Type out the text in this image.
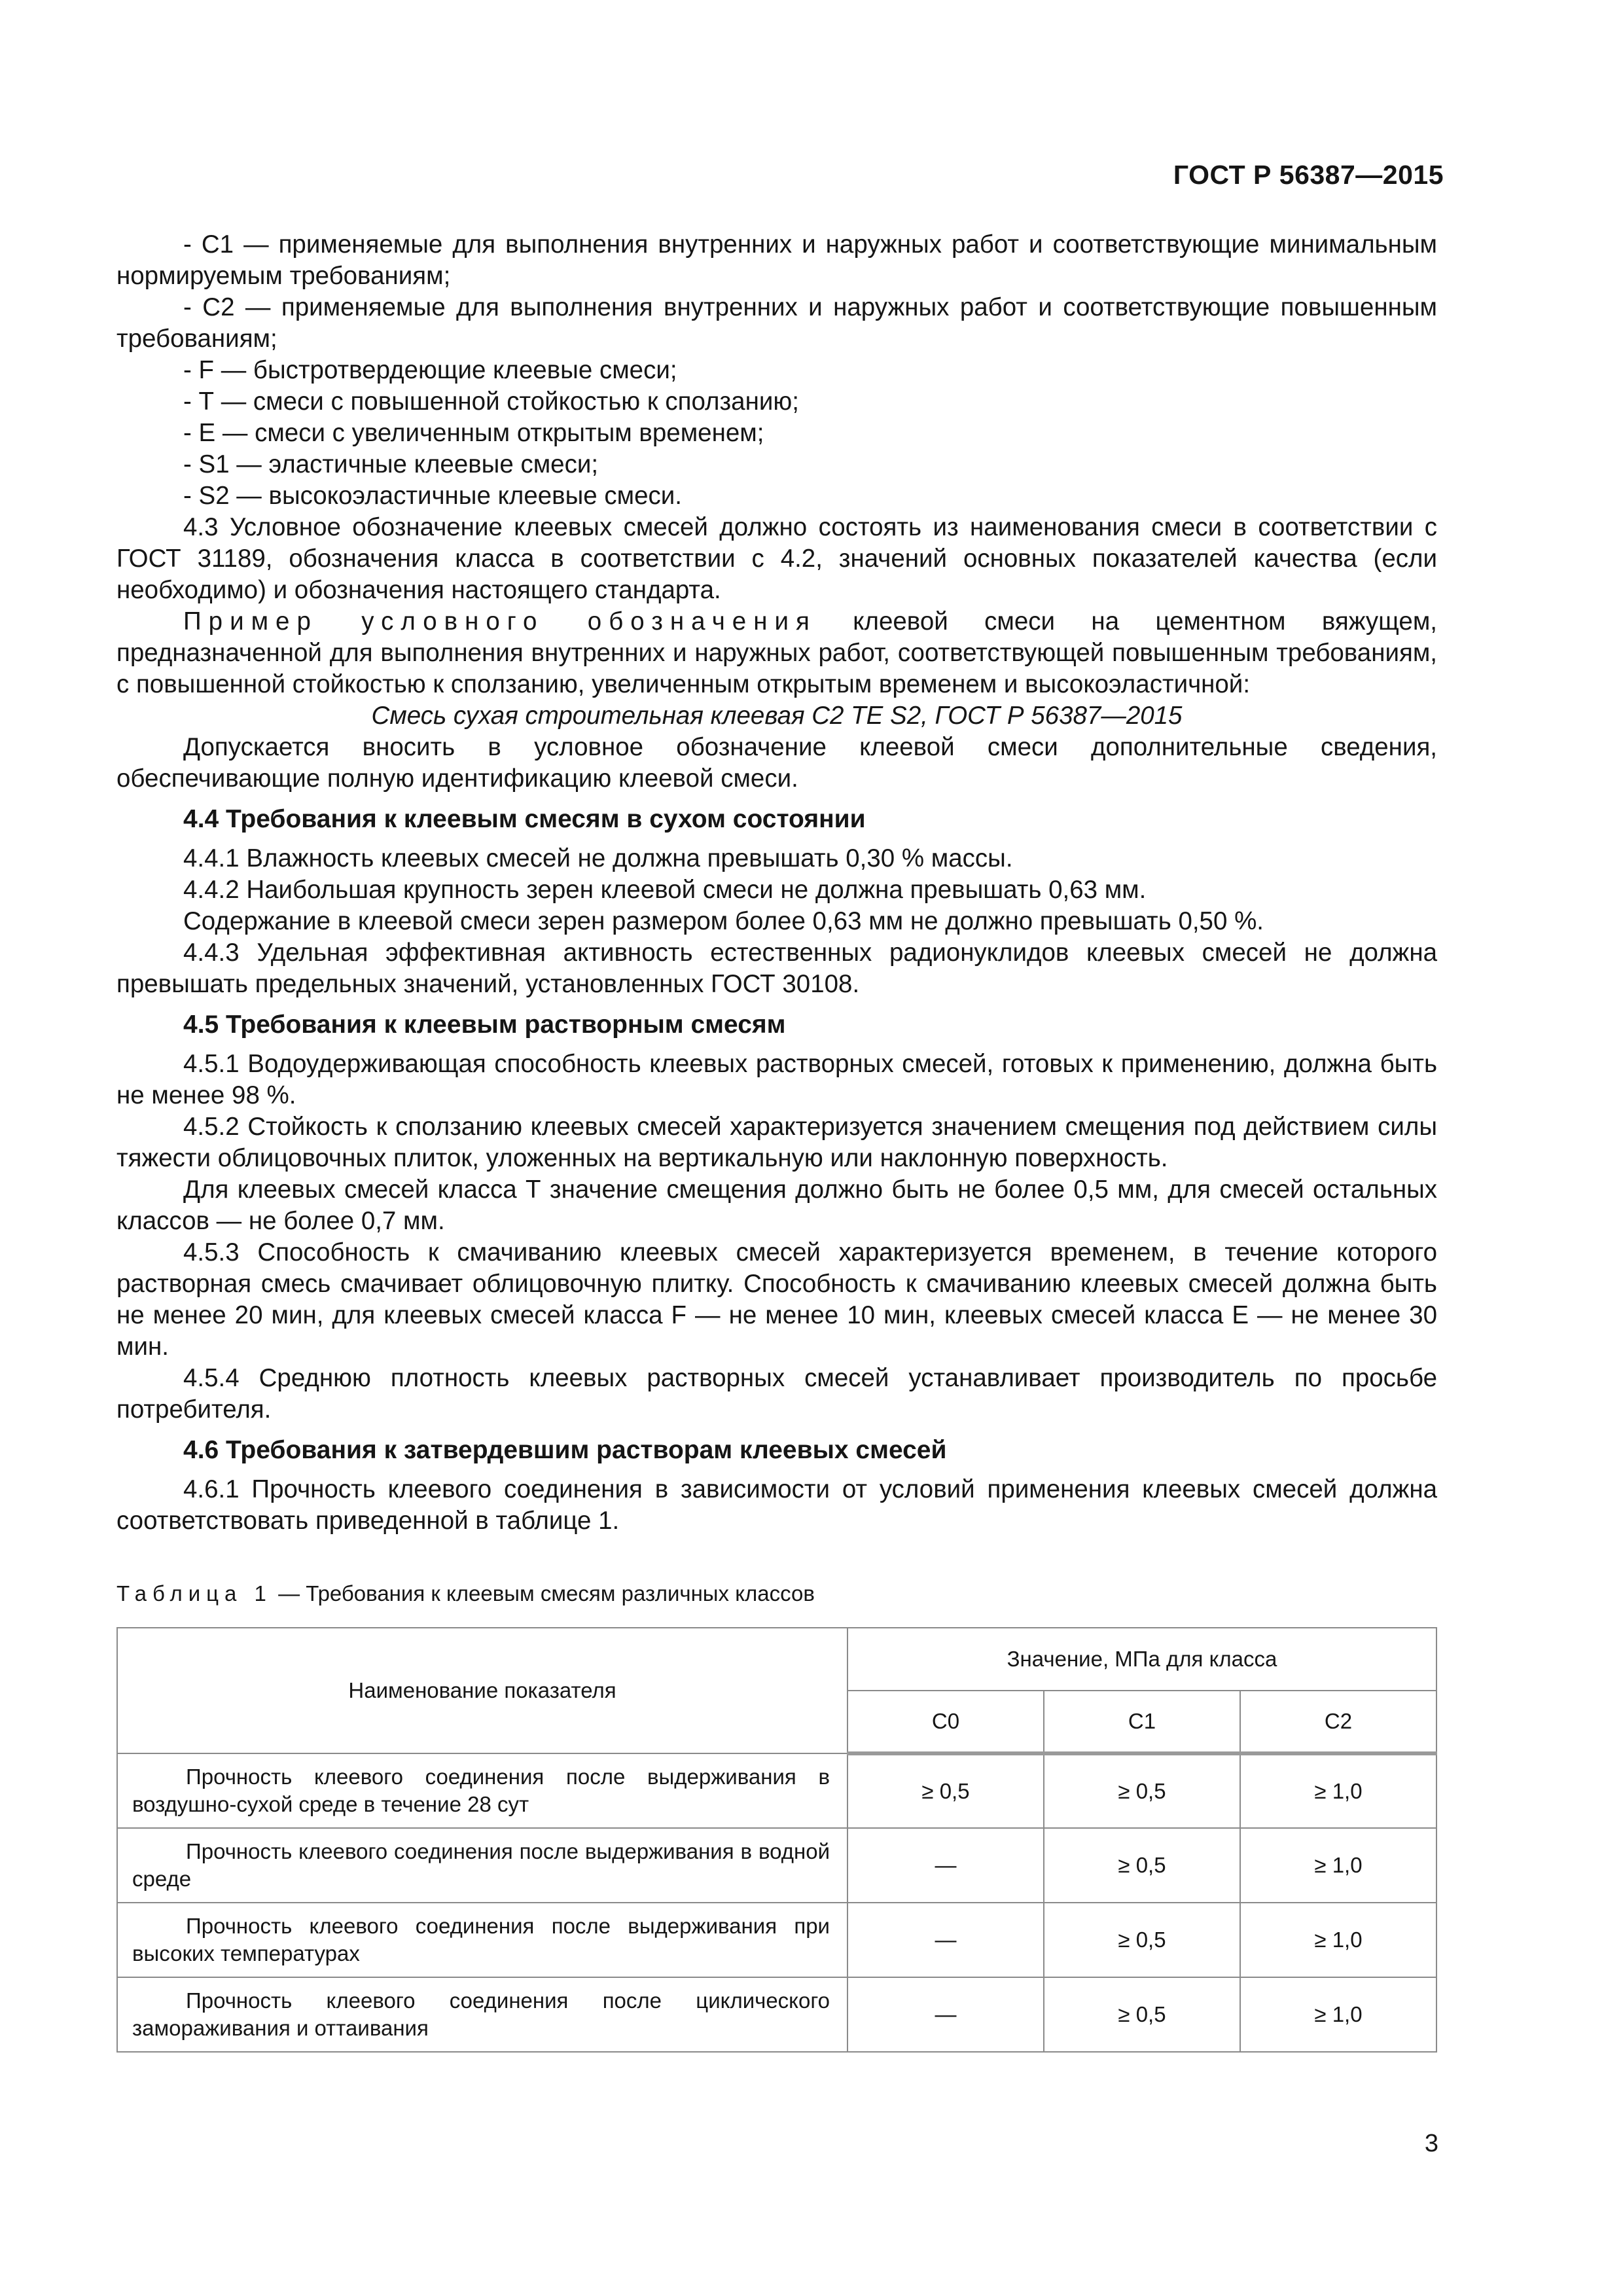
ГОСТ Р 56387—2015

- С1 — применяемые для выполнения внутренних и наружных работ и соответствующие минимальным нормируемым требованиям;

- С2 — применяемые для выполнения внутренних и наружных работ и соответствующие повышенным требованиям;

- F — быстротвердеющие клеевые смеси;

- Т — смеси с повышенной стойкостью к сползанию;

- Е — смеси с увеличенным открытым временем;

- S1 — эластичные клеевые смеси;

- S2 — высокоэластичные клеевые смеси.

4.3 Условное обозначение клеевых смесей должно состоять из наименования смеси в соответствии с ГОСТ 31189, обозначения класса в соответствии с 4.2, значений основных показателей качества (если необходимо) и обозначения настоящего стандарта.

Пример условного обозначения клеевой смеси на цементном вяжущем, предназначенной для выполнения внутренних и наружных работ, соответствующей повышенным требованиям, с повышенной стойкостью к сползанию, увеличенным открытым временем и высокоэластичной:

Смесь сухая строительная клеевая С2 ТЕ S2, ГОСТ Р 56387—2015

Допускается вносить в условное обозначение клеевой смеси дополнительные сведения, обеспечивающие полную идентификацию клеевой смеси.

4.4 Требования к клеевым смесям в сухом состоянии

4.4.1 Влажность клеевых смесей не должна превышать 0,30 % массы.

4.4.2 Наибольшая крупность зерен клеевой смеси не должна превышать 0,63 мм.

Содержание в клеевой смеси зерен размером более 0,63 мм не должно превышать 0,50 %.

4.4.3 Удельная эффективная активность естественных радионуклидов клеевых смесей не должна превышать предельных значений, установленных ГОСТ 30108.

4.5 Требования к клеевым растворным смесям

4.5.1 Водоудерживающая способность клеевых растворных смесей, готовых к применению, должна быть не менее 98 %.

4.5.2 Стойкость к сползанию клеевых смесей характеризуется значением смещения под действием силы тяжести облицовочных плиток, уложенных на вертикальную или наклонную поверхность.

Для клеевых смесей класса Т значение смещения должно быть не более 0,5 мм, для смесей остальных классов — не более 0,7 мм.

4.5.3 Способность к смачиванию клеевых смесей характеризуется временем, в течение которого растворная смесь смачивает облицовочную плитку. Способность к смачиванию клеевых смесей должна быть не менее 20 мин, для клеевых смесей класса F — не менее 10 мин, клеевых смесей класса Е — не менее 30 мин.

4.5.4 Среднюю плотность клеевых растворных смесей устанавливает производитель по просьбе потребителя.

4.6 Требования к затвердевшим растворам клеевых смесей

4.6.1 Прочность клеевого соединения в зависимости от условий применения клеевых смесей должна соответствовать приведенной в таблице 1.

Таблица 1 — Требования к клеевым смесям различных классов
Наименование показателя	Значение, МПа для класса		
	С0	С1	С2
Прочность клеевого соединения после выдерживания в воздушно-сухой среде в течение 28 сут	≥ 0,5	≥ 0,5	≥ 1,0
Прочность клеевого соединения после выдерживания в водной среде	—	≥ 0,5	≥ 1,0
Прочность клеевого соединения после выдерживания при высоких температурах	—	≥ 0,5	≥ 1,0
Прочность клеевого соединения после циклического замораживания и оттаивания	—	≥ 0,5	≥ 1,0
3
